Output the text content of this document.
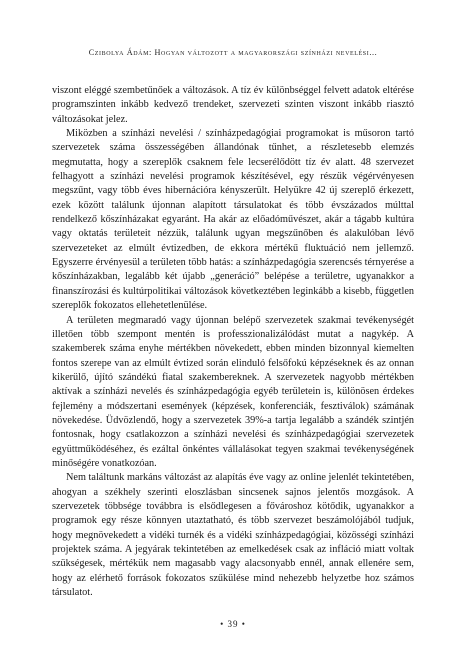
Czibolya Ádám: Hogyan változott a magyarországi színházi nevelési...

viszont eléggé szembetűnőek a változások. A tíz év különbséggel felvett adatok eltérése programszinten inkább kedvező trendeket, szervezeti szinten viszont inkább riasztó változásokat jelez.

Miközben a színházi nevelési / színházpedagógiai programokat is műsoron tartó szervezetek száma összességében állandónak tűnhet, a részletesebb elemzés megmutatta, hogy a szereplők csaknem fele lecserélődött tíz év alatt. 48 szervezet felhagyott a színházi nevelési programok készítésével, egy részük végérvényesen megszűnt, vagy több éves hibernációra kényszerült. Helyükre 42 új szereplő érkezett, ezek között találunk újonnan alapított társulatokat és több évszázados múlttal rendelkező kőszínházakat egyaránt. Ha akár az előadóművészet, akár a tágabb kultúra vagy oktatás területeit nézzük, találunk ugyan megszűnőben és alakulóban lévő szervezeteket az elmúlt évtizedben, de ekkora mértékű fluktuáció nem jellemző. Egyszerre érvényesül a területen több hatás: a színházpedagógia szerencsés térnyerése a kőszínházakban, legalább két újabb „generáció” belépése a területre, ugyanakkor a finanszírozási és kultúrpolitikai változások következtében leginkább a kisebb, független szereplők fokozatos ellehetetlenülése.

A területen megmaradó vagy újonnan belépő szervezetek szakmai tevékenységét illetően több szempont mentén is professzionalizálódást mutat a nagykép. A szakemberek száma enyhe mértékben növekedett, ebben minden bizonnyal kiemelten fontos szerepe van az elmúlt évtized során elinduló felsőfokú képzéseknek és az onnan kikerülő, újító szándékú fiatal szakembereknek. A szervezetek nagyobb mértékben aktívak a színházi nevelés és színházpedagógia egyéb területein is, különösen érdekes fejlemény a módszertani események (képzések, konferenciák, fesztiválok) számának növekedése. Üdvözlendő, hogy a szervezetek 39%-a tartja legalább a szándék szintjén fontosnak, hogy csatlakozzon a színházi nevelési és színházpedagógiai szervezetek együttműködéséhez, és ezáltal önkéntes vállalásokat tegyen szakmai tevékenységének minőségére vonatkozóan.

Nem találtunk markáns változást az alapítás éve vagy az online jelenlét tekintetében, ahogyan a székhely szerinti eloszlásban sincsenek sajnos jelentős mozgások. A szervezetek többsége továbbra is elsődlegesen a fővároshoz kötődik, ugyanakkor a programok egy része könnyen utaztatható, és több szervezet beszámolójából tudjuk, hogy megnövekedett a vidéki turnék és a vidéki színházpedagógiai, közösségi színházi projektek száma. A jegyárak tekintetében az emelkedések csak az infláció miatt voltak szükségesek, mértékük nem magasabb vagy alacsonyabb ennél, annak ellenére sem, hogy az elérhető források fokozatos szűkülése mind nehezebb helyzetbe hoz számos társulatot.

• 39 •
